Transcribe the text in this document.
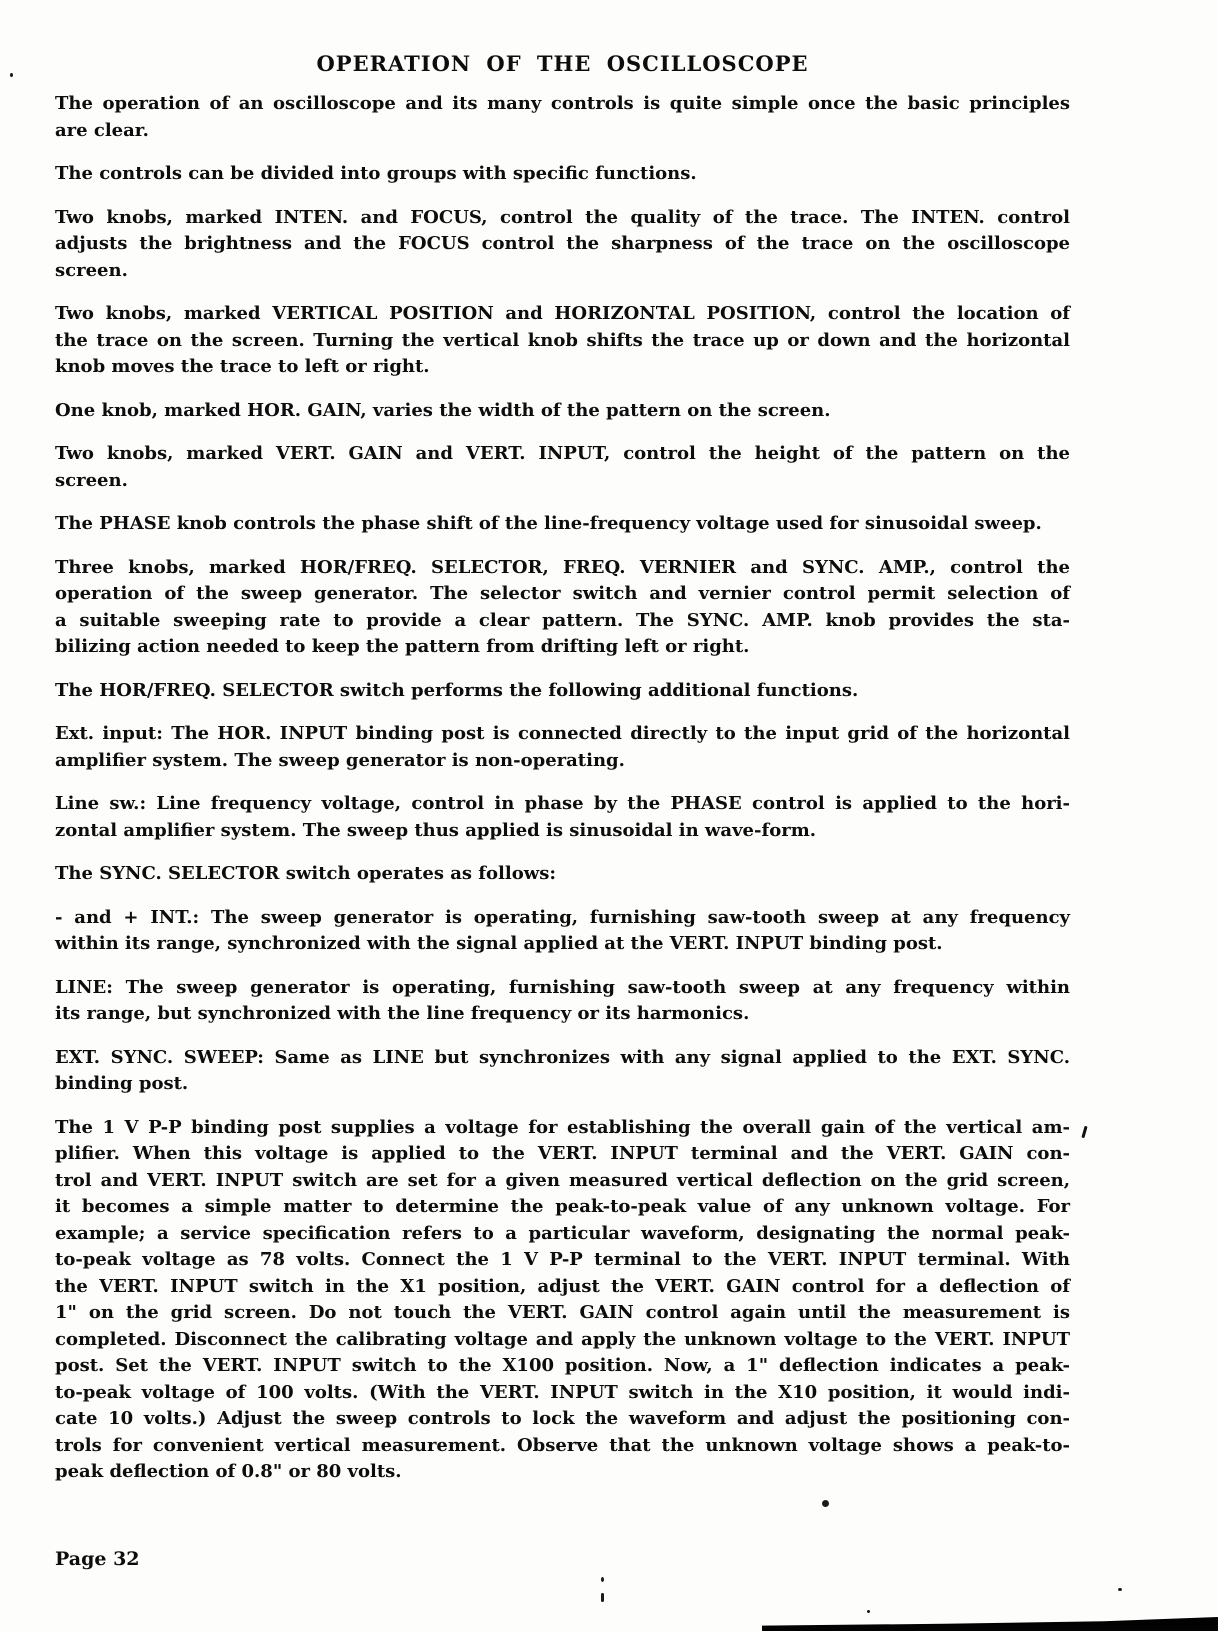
OPERATION OF THE OSCILLOSCOPE
The operation of an oscilloscope and its many controls is quite simple once the basic principles
are clear.
The controls can be divided into groups with specific functions.
Two knobs, marked INTEN. and FOCUS, control the quality of the trace. The INTEN. control
adjusts the brightness and the FOCUS control the sharpness of the trace on the oscilloscope
screen.
Two knobs, marked VERTICAL POSITION and HORIZONTAL POSITION, control the location of
the trace on the screen. Turning the vertical knob shifts the trace up or down and the horizontal
knob moves the trace to left or right.
One knob, marked HOR. GAIN, varies the width of the pattern on the screen.
Two knobs, marked VERT. GAIN and VERT. INPUT, control the height of the pattern on the
screen.
The PHASE knob controls the phase shift of the line-frequency voltage used for sinusoidal sweep.
Three knobs, marked HOR/FREQ. SELECTOR, FREQ. VERNIER and SYNC. AMP., control the
operation of the sweep generator. The selector switch and vernier control permit selection of
a suitable sweeping rate to provide a clear pattern. The SYNC. AMP. knob provides the sta-
bilizing action needed to keep the pattern from drifting left or right.
The HOR/FREQ. SELECTOR switch performs the following additional functions.
Ext. input: The HOR. INPUT binding post is connected directly to the input grid of the horizontal
amplifier system. The sweep generator is non-operating.
Line sw.: Line frequency voltage, control in phase by the PHASE control is applied to the hori-
zontal amplifier system. The sweep thus applied is sinusoidal in wave-form.
The SYNC. SELECTOR switch operates as follows:
- and + INT.: The sweep generator is operating, furnishing saw-tooth sweep at any frequency
within its range, synchronized with the signal applied at the VERT. INPUT binding post.
LINE: The sweep generator is operating, furnishing saw-tooth sweep at any frequency within
its range, but synchronized with the line frequency or its harmonics.
EXT. SYNC. SWEEP: Same as LINE but synchronizes with any signal applied to the EXT. SYNC.
binding post.
The 1 V P-P binding post supplies a voltage for establishing the overall gain of the vertical am-
plifier. When this voltage is applied to the VERT. INPUT terminal and the VERT. GAIN con-
trol and VERT. INPUT switch are set for a given measured vertical deflection on the grid screen,
it becomes a simple matter to determine the peak-to-peak value of any unknown voltage. For
example; a service specification refers to a particular waveform, designating the normal peak-
to-peak voltage as 78 volts. Connect the 1 V P-P terminal to the VERT. INPUT terminal. With
the VERT. INPUT switch in the X1 position, adjust the VERT. GAIN control for a deflection of
1" on the grid screen. Do not touch the VERT. GAIN control again until the measurement is
completed. Disconnect the calibrating voltage and apply the unknown voltage to the VERT. INPUT
post. Set the VERT. INPUT switch to the X100 position. Now, a 1" deflection indicates a peak-
to-peak voltage of 100 volts. (With the VERT. INPUT switch in the X10 position, it would indi-
cate 10 volts.) Adjust the sweep controls to lock the waveform and adjust the positioning con-
trols for convenient vertical measurement. Observe that the unknown voltage shows a peak-to-
peak deflection of 0.8" or 80 volts.
Page 32
